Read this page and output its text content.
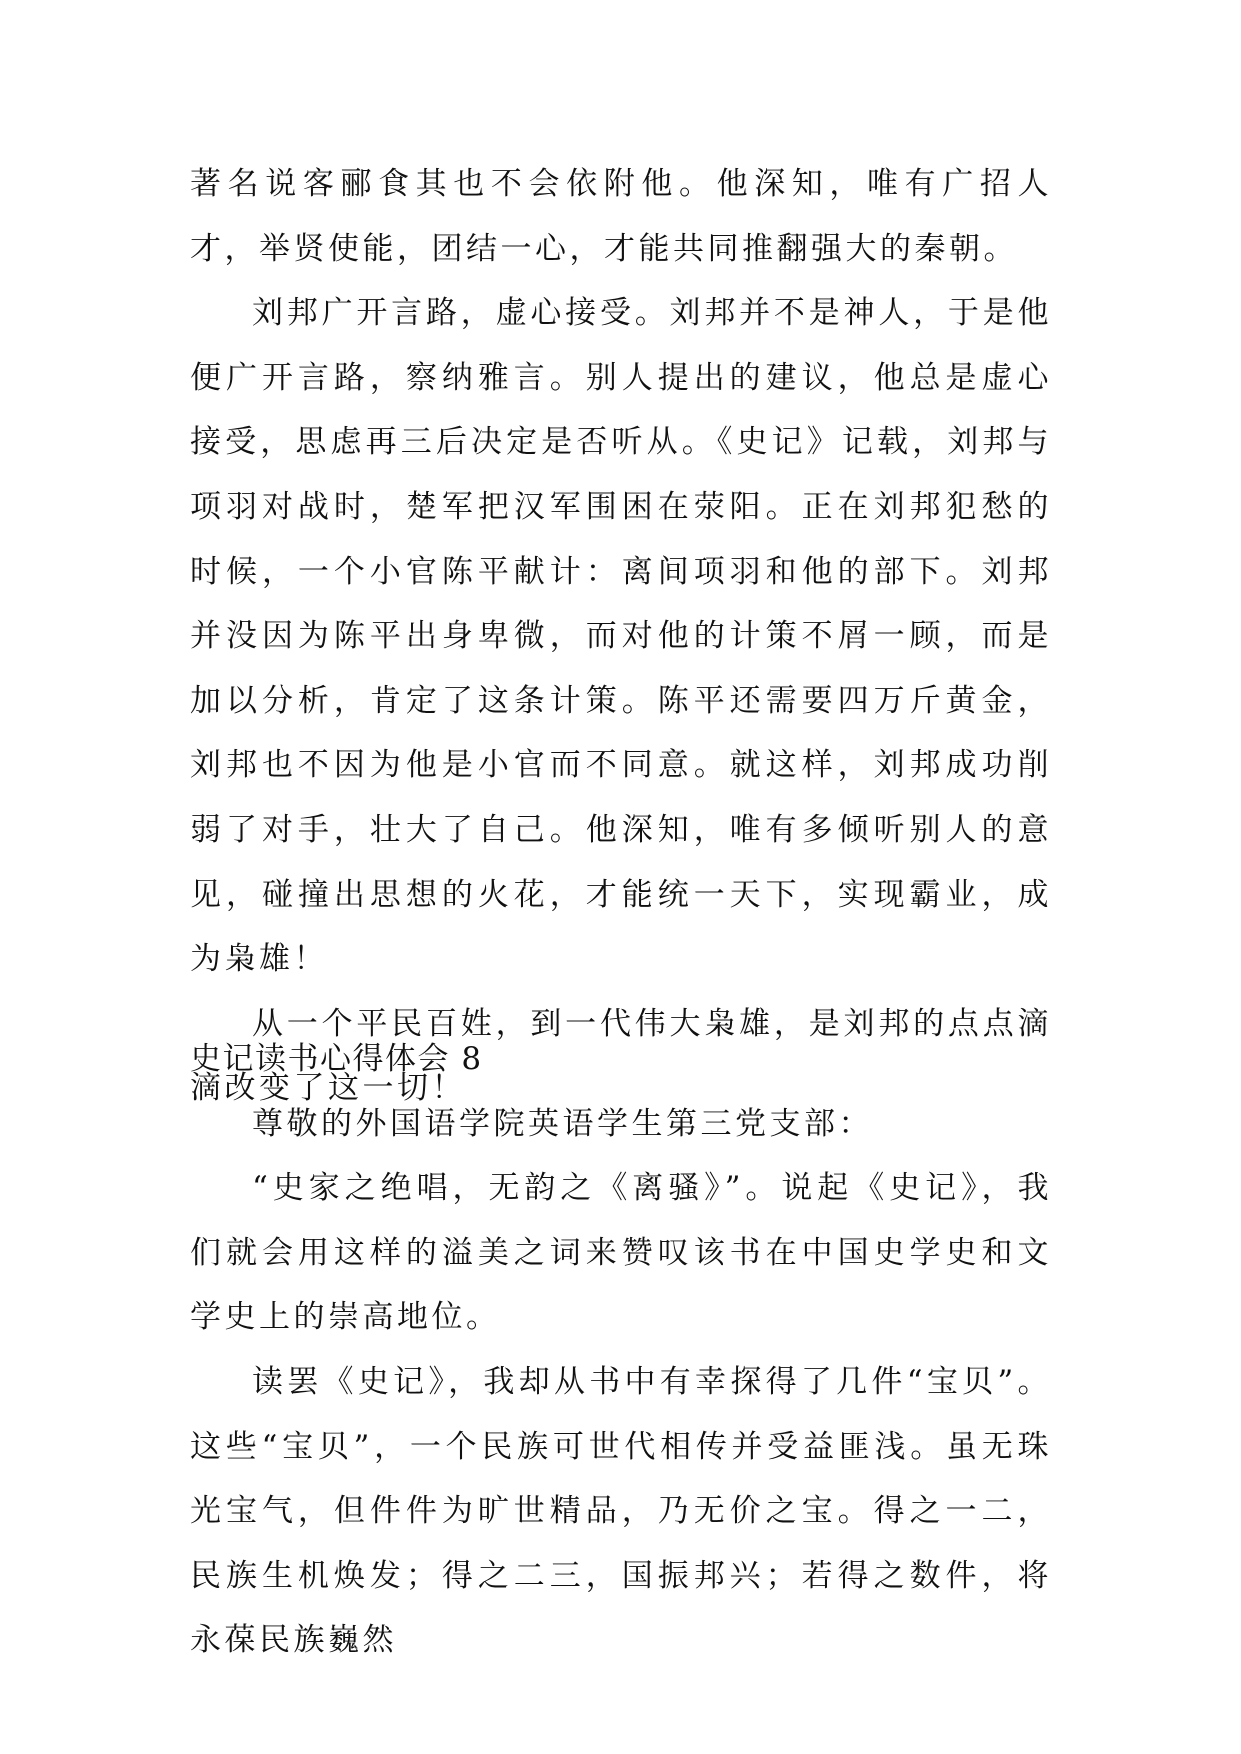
著名说客郦食其也不会依附他。他深知，唯有广招人才，举贤使能，团结一心，才能共同推翻强大的秦朝。

刘邦广开言路，虚心接受。刘邦并不是神人，于是他便广开言路，察纳雅言。别人提出的建议，他总是虚心接受，思虑再三后决定是否听从。《史记》记载，刘邦与项羽对战时，楚军把汉军围困在荥阳。正在刘邦犯愁的时候，一个小官陈平献计：离间项羽和他的部下。刘邦并没因为陈平出身卑微，而对他的计策不屑一顾，而是加以分析，肯定了这条计策。陈平还需要四万斤黄金，刘邦也不因为他是小官而不同意。就这样，刘邦成功削弱了对手，壮大了自己。他深知，唯有多倾听别人的意见，碰撞出思想的火花，才能统一天下，实现霸业，成为枭雄！

从一个平民百姓，到一代伟大枭雄，是刘邦的点点滴滴改变了这一切！

史记读书心得体会 8

尊敬的外国语学院英语学生第三党支部：

“史家之绝唱，无韵之《离骚》”。说起《史记》，我们就会用这样的溢美之词来赞叹该书在中国史学史和文学史上的崇高地位。

读罢《史记》，我却从书中有幸探得了几件“宝贝”。这些“宝贝”，一个民族可世代相传并受益匪浅。虽无珠光宝气，但件件为旷世精品，乃无价之宝。得之一二，民族生机焕发；得之二三，国振邦兴；若得之数件，将永葆民族巍然
